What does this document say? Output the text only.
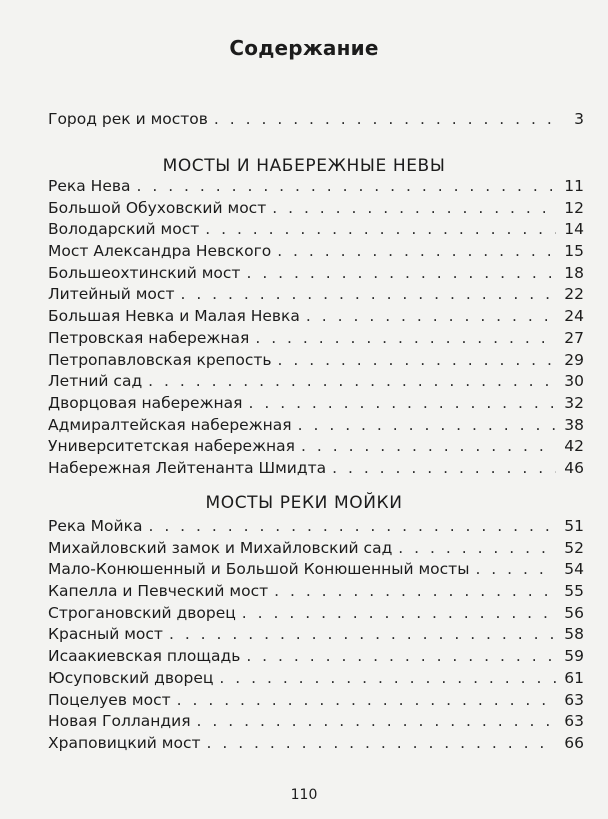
Содержание
Город рек и мостов . . .	3
МОСТЫ И НАБЕРЕЖНЫЕ НЕВЫ
Река Нева . . .	11
Большой Обуховский мост . . .	12
Володарский мост . . .	14
Мост Александра Невского . . .	15
Большеохтинский мост . . .	18
Литейный мост . . .	22
Большая Невка и Малая Невка . . .	24
Петровская набережная . . .	27
Петропавловская крепость . . .	29
Летний сад . . .	30
Дворцовая набережная . . .	32
Адмиралтейская набережная . . .	38
Университетская набережная . . .	42
Набережная Лейтенанта Шмидта . . .	46
МОСТЫ РЕКИ МОЙКИ
Река Мойка . . .	51
Михайловский замок и Михайловский сад . . .	52
Мало-Конюшенный и Большой Конюшенный мосты . . .	54
Капелла и Певческий мост . . .	55
Строгановский дворец . . .	56
Красный мост . . .	58
Исаакиевская площадь . . .	59
Юсуповский дворец . . .	61
Поцелуев мост . . .	63
Новая Голландия . . .	63
Храповицкий мост . . .	66
110
